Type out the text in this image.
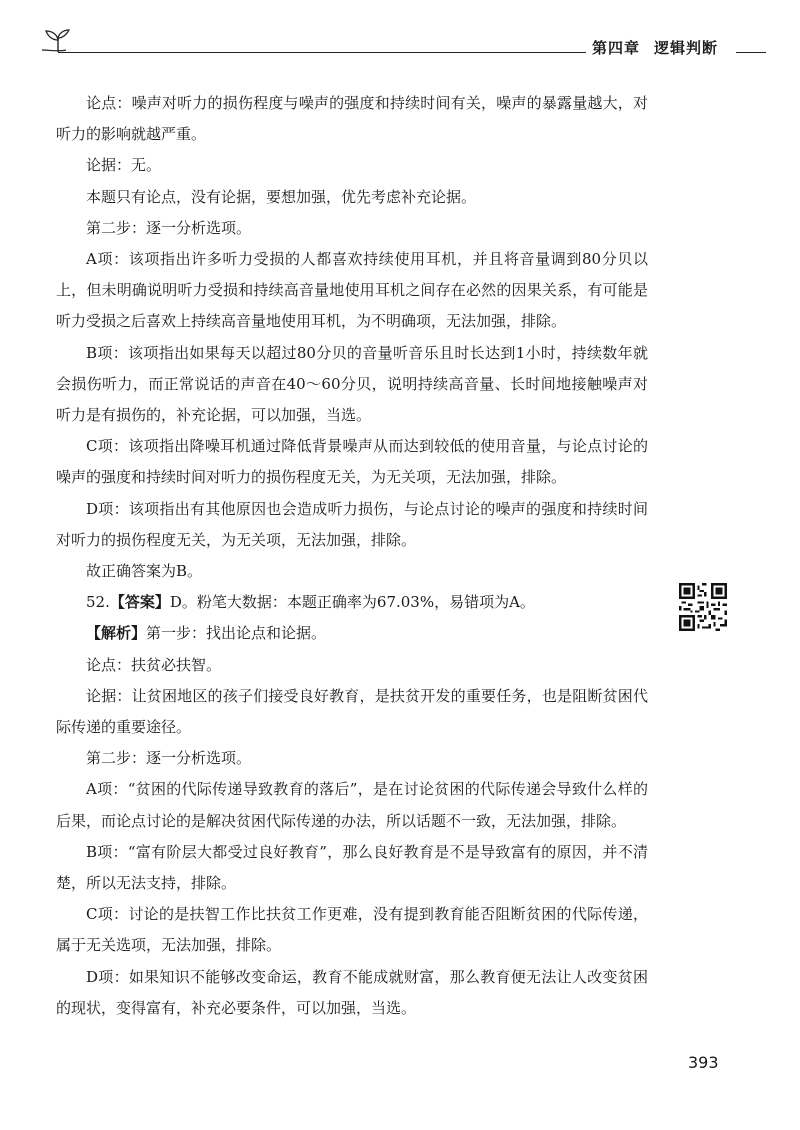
第四章 逻辑判断

论点：噪声对听力的损伤程度与噪声的强度和持续时间有关，噪声的暴露量越大，对听力的影响就越严重。

论据：无。

本题只有论点，没有论据，要想加强，优先考虑补充论据。

第二步：逐一分析选项。

A项：该项指出许多听力受损的人都喜欢持续使用耳机，并且将音量调到80分贝以上，但未明确说明听力受损和持续高音量地使用耳机之间存在必然的因果关系，有可能是听力受损之后喜欢上持续高音量地使用耳机，为不明确项，无法加强，排除。

B项：该项指出如果每天以超过80分贝的音量听音乐且时长达到1小时，持续数年就会损伤听力，而正常说话的声音在40～60分贝，说明持续高音量、长时间地接触噪声对听力是有损伤的，补充论据，可以加强，当选。

C项：该项指出降噪耳机通过降低背景噪声从而达到较低的使用音量，与论点讨论的噪声的强度和持续时间对听力的损伤程度无关，为无关项，无法加强，排除。

D项：该项指出有其他原因也会造成听力损伤，与论点讨论的噪声的强度和持续时间对听力的损伤程度无关，为无关项，无法加强，排除。

故正确答案为B。

52.【答案】D。粉笔大数据：本题正确率为67.03%，易错项为A。

【解析】第一步：找出论点和论据。

论点：扶贫必扶智。

论据：让贫困地区的孩子们接受良好教育，是扶贫开发的重要任务，也是阻断贫困代际传递的重要途径。

第二步：逐一分析选项。

A项：“贫困的代际传递导致教育的落后”，是在讨论贫困的代际传递会导致什么样的后果，而论点讨论的是解决贫困代际传递的办法，所以话题不一致，无法加强，排除。

B项：“富有阶层大都受过良好教育”，那么良好教育是不是导致富有的原因，并不清楚，所以无法支持，排除。

C项：讨论的是扶智工作比扶贫工作更难，没有提到教育能否阻断贫困的代际传递，属于无关选项，无法加强，排除。

D项：如果知识不能够改变命运，教育不能成就财富，那么教育便无法让人改变贫困的现状，变得富有，补充必要条件，可以加强，当选。

393
